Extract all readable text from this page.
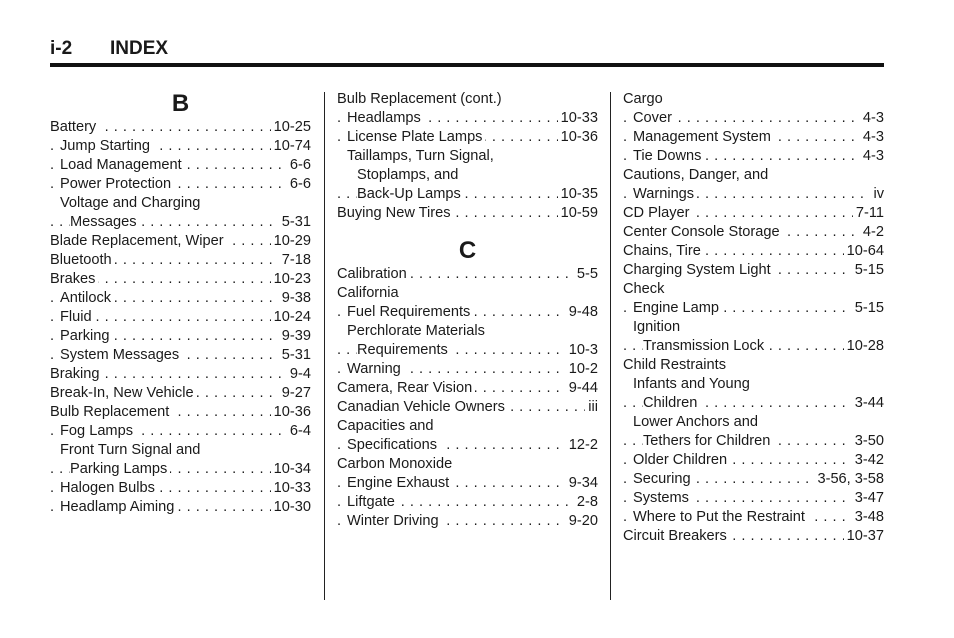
i-2 INDEX
B
. . .
Battery	10-25
. . .
Jump Starting	10-74
. . .
Load Management	6-6
. . .
Power Protection	6-6
Voltage and Charging
. . .
Messages	5-31
. . .
Blade Replacement, Wiper	10-29
. . .
Bluetooth	7-18
. . .
Brakes	10-23
. . .
Antilock	9-38
. . .
Fluid	10-24
. . .
Parking	9-39
. . .
System Messages	5-31
. . .
Braking	9-4
. . .
Break-In, New Vehicle	9-27
. . .
Bulb Replacement	10-36
. . .
Fog Lamps	6-4
Front Turn Signal and
. . .
Parking Lamps	10-34
. . .
Halogen Bulbs	10-33
. . .
Headlamp Aiming	10-30
Bulb Replacement (cont.)
. . .
Headlamps	10-33
. . .
License Plate Lamps	10-36
Taillamps, Turn Signal,
Stoplamps, and
. . .
Back-Up Lamps	10-35
. . .
Buying New Tires	10-59
C
. . .
Calibration	5-5
California
. . .
Fuel Requirements	9-48
Perchlorate Materials
. . .
Requirements	10-3
. . .
Warning	10-2
. . .
Camera, Rear Vision	9-44
. . .
Canadian Vehicle Owners	iii
Capacities and
. . .
Specifications	12-2
Carbon Monoxide
. . .
Engine Exhaust	9-34
. . .
Liftgate	2-8
. . .
Winter Driving	9-20
Cargo
. . .
Cover	4-3
. . .
Management System	4-3
. . .
Tie Downs	4-3
Cautions, Danger, and
. . .
Warnings	iv
. . .
CD Player	7-11
. . .
Center Console Storage	4-2
. . .
Chains, Tire	10-64
. . .
Charging System Light	5-15
Check
. . .
Engine Lamp	5-15
Ignition
. . .
Transmission Lock	10-28
Child Restraints
Infants and Young
. . .
Children	3-44
Lower Anchors and
. . .
Tethers for Children	3-50
. . .
Older Children	3-42
. . .
Securing	3-56, 3-58
. . .
Systems	3-47
. . .
Where to Put the Restraint	3-48
. . .
Circuit Breakers	10-37
